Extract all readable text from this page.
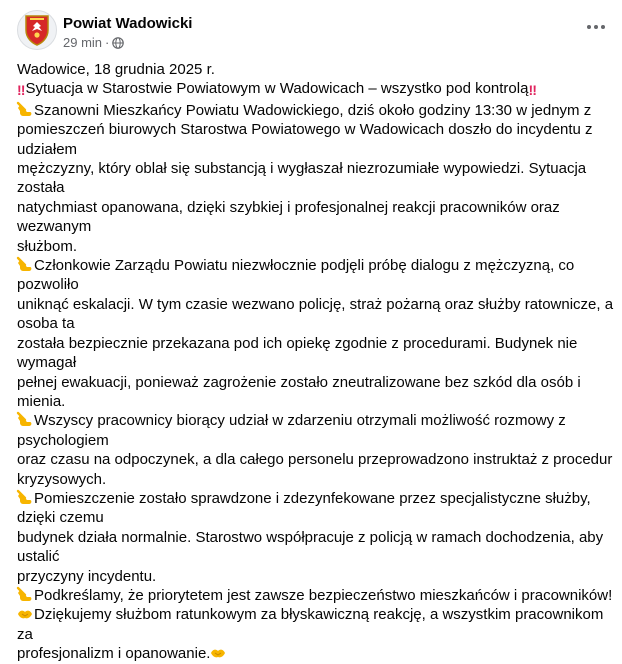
Powiat Wadowicki
29 min ·
Wadowice, 18 grudnia 2025 r.
‼Sytuacja w Starostwie Powiatowym w Wadowicach – wszystko pod kontrolą‼
Szanowni Mieszkańcy Powiatu Wadowickiego, dziś około godziny 13:30 w jednym z
pomieszczeń biurowych Starostwa Powiatowego w Wadowicach doszło do incydentu z udziałem
mężczyzny, który oblał się substancją i wygłaszał niezrozumiałe wypowiedzi. Sytuacja została
natychmiast opanowana, dzięki szybkiej i profesjonalnej reakcji pracowników oraz wezwanym
służbom.
Członkowie Zarządu Powiatu niezwłocznie podjęli próbę dialogu z mężczyzną, co pozwoliło
uniknąć eskalacji. W tym czasie wezwano policję, straż pożarną oraz służby ratownicze, a osoba ta
została bezpiecznie przekazana pod ich opiekę zgodnie z procedurami. Budynek nie wymagał
pełnej ewakuacji, ponieważ zagrożenie zostało zneutralizowane bez szkód dla osób i mienia.
Wszyscy pracownicy biorący udział w zdarzeniu otrzymali możliwość rozmowy z psychologiem
oraz czasu na odpoczynek, a dla całego personelu przeprowadzono instruktaż z procedur
kryzysowych.
Pomieszczenie zostało sprawdzone i zdezynfekowane przez specjalistyczne służby, dzięki czemu
budynek działa normalnie. Starostwo współpracuje z policją w ramach dochodzenia, aby ustalić
przyczyny incydentu.
Podkreślamy, że priorytetem jest zawsze bezpieczeństwo mieszkańców i pracowników!
Dziękujemy służbom ratunkowym za błyskawiczną reakcję, a wszystkim pracownikom za
profesjonalizm i opanowanie.
